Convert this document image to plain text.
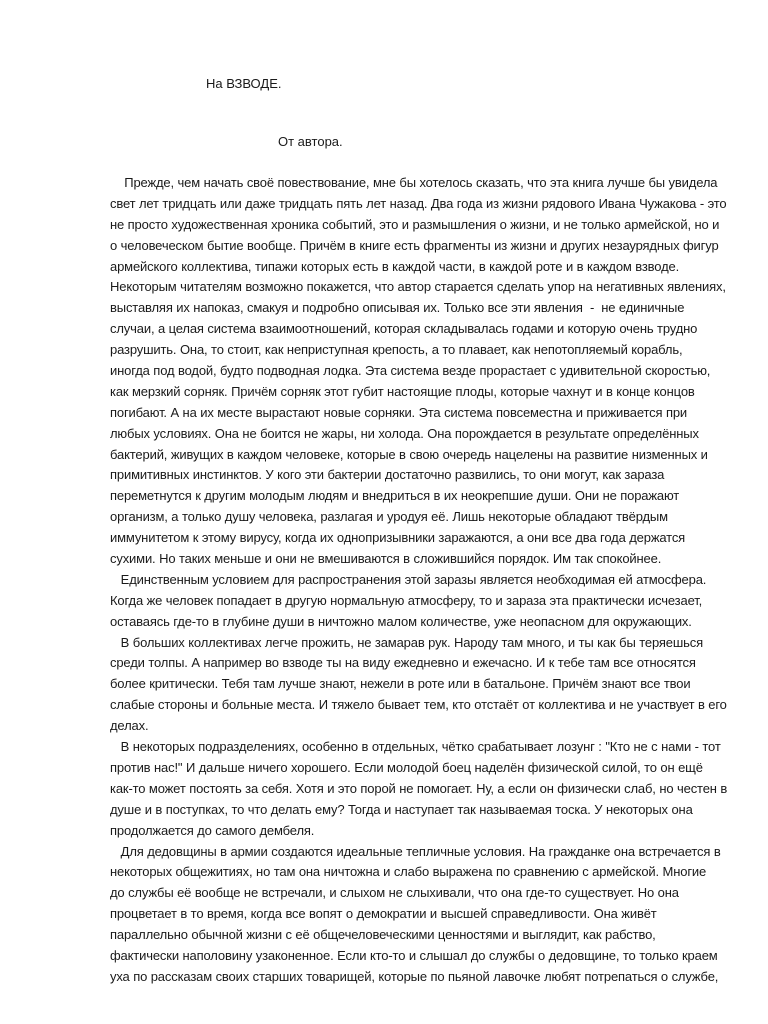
На ВЗВОДЕ.
От автора.
Прежде, чем начать своё повествование, мне бы хотелось сказать, что эта книга лучше бы увидела
свет лет тридцать или даже тридцать пять лет назад. Два года из жизни рядового Ивана Чужакова - это
не просто художественная хроника событий, это и размышления о жизни, и не только армейской, но и
о человеческом бытие вообще. Причём в книге есть фрагменты из жизни и других незаурядных фигур
армейского коллектива, типажи которых есть в каждой части, в каждой роте и в каждом взводе.
Некоторым читателям возможно покажется, что автор старается сделать упор на негативных явлениях,
выставляя их напоказ, смакуя и подробно описывая их. Только все эти явления  -  не единичные
случаи, а целая система взаимоотношений, которая складывалась годами и которую очень трудно
разрушить. Она, то стоит, как неприступная крепость, а то плавает, как непотопляемый корабль,
иногда под водой, будто подводная лодка. Эта система везде прорастает с удивительной скоростью,
как мерзкий сорняк. Причём сорняк этот губит настоящие плоды, которые чахнут и в конце концов
погибают. А на их месте вырастают новые сорняки. Эта система повсеместна и приживается при
любых условиях. Она не боится не жары, ни холода. Она порождается в результате определённых
бактерий, живущих в каждом человеке, которые в свою очередь нацелены на развитие низменных и
примитивных инстинктов. У кого эти бактерии достаточно развились, то они могут, как зараза
переметнутся к другим молодым людям и внедриться в их неокрепшие души. Они не поражают
организм, а только душу человека, разлагая и уродуя её. Лишь некоторые обладают твёрдым
иммунитетом к этому вирусу, когда их однопризывники заражаются, а они все два года держатся
сухими. Но таких меньше и они не вмешиваются в сложившийся порядок. Им так спокойнее.
Единственным условием для распространения этой заразы является необходимая ей атмосфера.
Когда же человек попадает в другую нормальную атмосферу, то и зараза эта практически исчезает,
оставаясь где-то в глубине души в ничтожно малом количестве, уже неопасном для окружающих.
В больших коллективах легче прожить, не замарав рук. Народу там много, и ты как бы теряешься
среди толпы. А например во взводе ты на виду ежедневно и ежечасно. И к тебе там все относятся
более критически. Тебя там лучше знают, нежели в роте или в батальоне. Причём знают все твои
слабые стороны и больные места. И тяжело бывает тем, кто отстаёт от коллектива и не участвует в его
делах.
В некоторых подразделениях, особенно в отдельных, чётко срабатывает лозунг : "Кто не с нами - тот
против нас!" И дальше ничего хорошего. Если молодой боец наделён физической силой, то он ещё
как-то может постоять за себя. Хотя и это порой не помогает. Ну, а если он физически слаб, но честен в
душе и в поступках, то что делать ему? Тогда и наступает так называемая тоска. У некоторых она
продолжается до самого дембеля.
Для дедовщины в армии создаются идеальные тепличные условия. На гражданке она встречается в
некоторых общежитиях, но там она ничтожна и слабо выражена по сравнению с армейской. Многие
до службы её вообще не встречали, и слыхом не слыхивали, что она где-то существует. Но она
процветает в то время, когда все вопят о демократии и высшей справедливости. Она живёт
параллельно обычной жизни с её общечеловеческими ценностями и выглядит, как рабство,
фактически наполовину узаконенное. Если кто-то и слышал до службы о дедовщине, то только краем
уха по рассказам своих старших товарищей, которые по пьяной лавочке любят потрепаться о службе,
